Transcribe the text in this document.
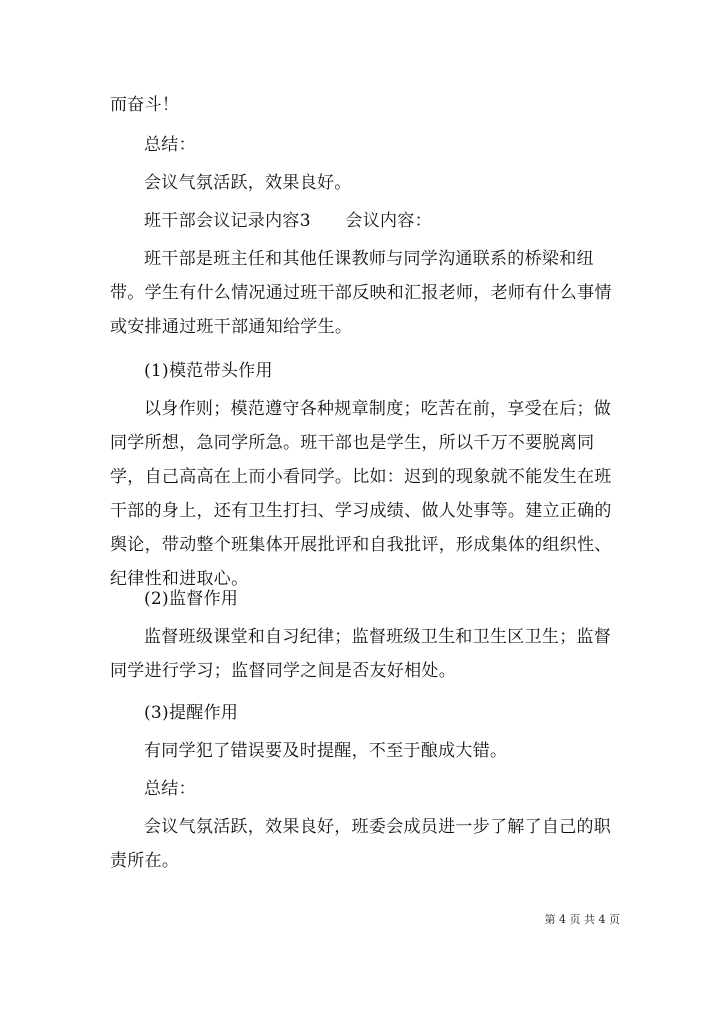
而奋斗！
总结：
会议气氛活跃，效果良好。
班干部会议记录内容3　　会议内容：
班干部是班主任和其他任课教师与同学沟通联系的桥梁和纽带。学生有什么情况通过班干部反映和汇报老师，老师有什么事情或安排通过班干部通知给学生。
(1)模范带头作用
以身作则；模范遵守各种规章制度；吃苦在前，享受在后；做同学所想，急同学所急。班干部也是学生，所以千万不要脱离同学，自己高高在上而小看同学。比如：迟到的现象就不能发生在班干部的身上，还有卫生打扫、学习成绩、做人处事等。建立正确的舆论，带动整个班集体开展批评和自我批评，形成集体的组织性、纪律性和进取心。
(2)监督作用
监督班级课堂和自习纪律；监督班级卫生和卫生区卫生；监督同学进行学习；监督同学之间是否友好相处。
(3)提醒作用
有同学犯了错误要及时提醒，不至于酿成大错。
总结：
会议气氛活跃，效果良好，班委会成员进一步了解了自己的职责所在。
第 4 页 共 4 页
